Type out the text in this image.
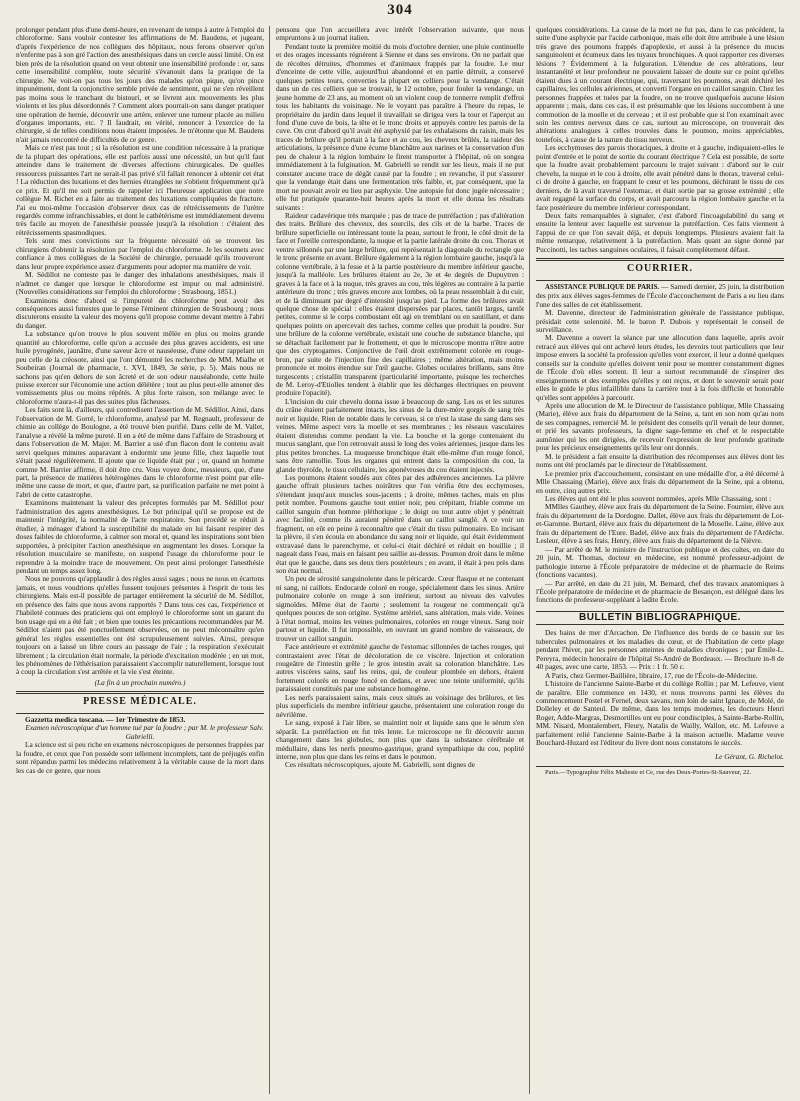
304

prolonger pendant plus d'une demi-heure, en revenant de temps à autre à l'emploi du chloroforme. Sans vouloir contester les affirmations de M. Baudens, et jugeant, d'après l'expérience de nos collègues des hôpitaux, nous ferons observer qu'on n'enferme pas à son gré l'action des anesthésiques dans un cercle aussi limité. On est bien près de la résolution quand on veut obtenir une insensibilité profonde : or, sans cette insensibilité complète, toute sécurité s'évanouit dans la pratique de la chirurgie. Ne voit-on pas tous les jours des malades qu'on pique, qu'on pince impunément, dont la conjonctive semble privée de sentiment, qui ne s'en réveillent pas moins sous le tranchant du bistouri, et se livrent aux mouvements les plus violents et les plus désordonnés ? Comment alors pourrait-on sans danger pratiquer une opération de hernie, découvrir une artère, enlever une tumeur placée au milieu d'organes importants, etc. ? Il faudrait, en vérité, renoncer à l'exercice de la chirurgie, si de telles conditions nous étaient imposées. Je m'étonne que M. Baudens n'ait jamais rencontré de difficultés de ce genre.

Mais ce n'est pas tout ; si la résolution est une condition nécessaire à la pratique de la plupart des opérations, elle est parfois aussi une nécessité, un but qu'il faut atteindre dans le traitement de diverses affections chirurgicales. De quelles ressources puissantes l'art ne serait-il pas privé s'il fallait renoncer à obtenir cet état ! La réduction des luxations et des hernies étranglées ne s'obtient fréquemment qu'à ce prix. Et qu'il me soit permis de rappeler ici l'heureuse application que notre collègue M. Richet en a faite au traitement des luxations compliquées de fracture. J'ai eu moi-même l'occasion d'observer deux cas de rétrécissements de l'urètre regardés comme infranchissables, et dont le cathétérisme est immédiatement devenu très facile au moyen de l'anesthésie poussée jusqu'à la résolution : c'étaient des rétrécissements spasmodiques.

Tels sont mes convictions sur la fréquente nécessité où se trouvent les chirurgiens d'obtenir la résolution par l'emploi du chloroforme. Je les soumets avec confiance à mes collègues de la Société de chirurgie, persuadé qu'ils trouveront dans leur propre expérience assez d'arguments pour adopter ma manière de voir.

M. Sédillot ne conteste pas le danger des inhalations anesthésiques, mais il n'admet ce danger que lorsque le chloroforme est impur ou mal administré. (Nouvelles considérations sur l'emploi du chloroforme ; Strasbourg, 1851.)

Examinons donc d'abord si l'impureté du chloroforme peut avoir des conséquences aussi funestes que le pense l'éminent chirurgien de Strasbourg ; nous discuterons ensuite la valeur des moyens qu'il propose comme devant mettre à l'abri du danger.

La substance qu'on trouve le plus souvent mêlée en plus ou moins grande quantité au chloroforme, celle qu'on a accusée des plus graves accidents, est une huile pyrogénée, jaunâtre, d'une saveur âcre et nauséeuse, d'une odeur rappelant un peu celle de la créosote, ainsi que l'ont démontré les recherches de MM. Mialhe et Soubeiran (Journal de pharmacie, t. XVI, 1849, 3e série, p. 5). Mais nous ne sachons pas qu'en dehors de son âcreté et de son odeur nauséabonde, cette huile puisse exercer sur l'économie une action délétère ; tout au plus peut-elle amener des vomissements plus ou moins répétés. A plus forte raison, son mélange avec le chloroforme n'aura-t-il pas des suites plus fâcheuses.

Les faits sont là, d'ailleurs, qui contredisent l'assertion de M. Sédillot. Ainsi, dans l'observation de M. Gorré, le chloroforme, analysé par M. Regnault, professeur de chimie au collège de Boulogne, a été trouvé bien purifié. Dans celle de M. Vallet, l'analyse a révélé la même pureté. Il en a été de même dans l'affaire de Strasbourg et dans l'observation de M. Majer. M. Barrier a usé d'un flacon dont le contenu avait servi quelques minutes auparavant à endormir une jeune fille, chez laquelle tout s'était passé régulièrement. Il ajoute que ce liquide était pur ; or, quand un homme comme M. Barrier affirme, il doit être cru. Vous voyez donc, messieurs, que, d'une part, la présence de matières hétérogènes dans le chloroforme n'est point par elle-même une cause de mort, et que, d'autre part, sa purification parfaite ne met point à l'abri de cette catastrophe.

Examinons maintenant la valeur des préceptes formulés par M. Sédillot pour l'administration des agens anesthésiques. Le but principal qu'il se propose est de maintenir l'intégrité, la normalité de l'acte respiratoire. Son procédé se réduit à étudier, à ménager d'abord la susceptibilité du malade en lui faisant respirer des doses faibles de chloroforme, à calmer son moral et, quand les inspirations sont bien supportées, à précipiter l'action anesthésique en augmentant les doses. Lorsque la résolution musculaire se manifeste, on suspend l'usage du chloroforme pour le reprendre à la moindre trace de mouvement. On peut ainsi prolonger l'anesthésie pendant un temps assez long.

Nous ne pouvons qu'applaudir à des règles aussi sages ; nous ne nous en écartons jamais, et nous voudrions qu'elles fussent toujours présentes à l'esprit de tous les chirurgiens. Mais est-il possible de partager entièrement la sécurité de M. Sédillot, en présence des faits que nous avons rapportés ? Dans tous ces cas, l'expérience et l'habileté connues des praticiens qui ont employé le chloroforme sont un garant du bon usage qui en a été fait ; et bien que toutes les précautions recommandées par M. Sédillot n'aient pas été ponctuellement observées, on ne peut méconnaître qu'en général les règles essentielles ont été scrupuleusement suivies. Ainsi, presque toujours on a laissé un libre cours au passage de l'air ; la respiration s'exécutait librement ; la circulation était normale, la période d'excitation modérée ; en un mot, les phénomènes de l'éthérisation paraissaient s'accomplir naturellement, lorsque tout à coup la circulation s'est arrêtée et la vie s'est éteinte.

(La fin à un prochain numéro.)
PRESSE MÉDICALE.

Gazzetta medica toscana. — 1er Trimestre de 1853.

Examen nécroscopique d'un homme tué par la foudre ; par M. le professeur Salv. Gabrielli.

La science est si peu riche en examens nécroscopiques de personnes frappées par la foudre, et ceux que l'on possède sont tellement incomplets, tant de préjugés enfin sont répandus parmi les médecins relativement à la véritable cause de la mort dans les cas de ce genre, que nous

pensons que l'on accueillera avec intérêt l'observation suivante, que nous empruntons à un journal italien.

Pendant toute la première moitié du mois d'octobre dernier, une pluie continuelle et des orages incessants régnèrent à Sienne et dans ses environs. On ne parlait que de récoltes détruites, d'hommes et d'animaux frappés par la foudre. Le mur d'enceinte de cette ville, aujourd'hui abandonné et en partie détruit, a conservé quelques petites tours, converties la plupart en celliers pour la vendange. C'était dans un de ces celliers que se trouvait, le 12 octobre, pour fouler la vendange, un jeune homme de 23 ans, au moment où un violent coup de tonnerre remplit d'effroi tous les habitants du voisinage. Ne le voyant pas paraître à l'heure du repas, le propriétaire du jardin dans lequel il travaillait se dirigea vers la tour et l'aperçut au fond d'une cuve de bois, la tête et le tronc droits et appuyés contre les parois de la cuve. On crut d'abord qu'il avait été asphyxié par les exhalaisons du raisin, mais les traces de brûlure qu'il portait à la face et au cou, les cheveux brûlés, la raideur des articulations, la présence d'une écume blanchâtre aux narines et la conservation d'un peu de chaleur à la région lombaire le firent transporter à l'hôpital, où on songea immédiatement à la fulgination. M. Gabrielli se rendit sur les lieux, mais il ne put constater aucune trace de dégât causé par la foudre ; en revanche, il put s'assurer que la vendange était dans une fermentation très faible, et, par conséquent, que la mort ne pouvait avoir eu lieu par asphyxie. Une autopsie fut donc jugée nécessaire ; elle fut pratiquée quarante-huit heures après la mort et elle donna les résultats suivants :

Raideur cadavérique très marquée ; pas de trace de putréfaction ; pas d'altération des traits. Brûlure des cheveux, des sourcils, des cils et de la barbe. Traces de brûlure superficielle ou intéressant toute la peau, surtout le front, le côté droit de la face et l'oreille correspondante, la nuque et la partie latérale droite du cou. Thorax et ventre sillonnés par une large brûlure, qui représentait la diagonale du rectangle que le tronc présente en avant. Brûlure également à la région lombaire gauche, jusqu'à la colonne vertébrale, à la fesse et à la partie postérieure du membre inférieur gauche, jusqu'à la malléole. Les brûlures étaient au 2e, 3e et 4e degrés de Dupuytren : graves à la face et à la nuque, très graves au cou, très légères au contraire à la partie antérieure du tronc ; très graves encore aux lombes, où la peau ressemblait à du cuir, et de là diminuant par degré d'intensité jusqu'au pied. La forme des brûlures avait quelque chose de spécial : elles étaient dispersées par places, tantôt larges, tantôt petites, comme si le corps combustant eût agi en tremblant ou en sautillant, et dans quelques points on apercevait des taches, comme celles que produit la poudre. Sur une brûlure de la colonne vertébrale, existait une couche de substance blanche, qui se détachait facilement par le frottement, et que le microscope montra n'être autre que des cryptogames. Conjonctive de l'œil droit extrêmement colorée en rouge-brun, par suite de l'injection fine des capillaires ; même altération, mais moins prononcée et moins étendue sur l'œil gauche. Globes oculaires brillants, sans être turgescents ; cristallin transparent (particularité importante, puisque les recherches de M. Leroy-d'Etiolles tendent à établir que les décharges électriques en peuvent produire l'opacité).

L'incision du cuir chevelu donna issue à beaucoup de sang. Les os et les sutures du crâne étaient parfaitement intacts, les sinus de la dure-mère gorgés de sang très noir et liquide. Rien de notable dans le cerveau, si ce n'est la stase du sang dans ses veines. Même aspect vers la moelle et ses membranes ; les réseaux vasculaires étaient distendus comme pendant la vie. La bouche et la gorge contenaient du mucus sanglant, que l'on retrouvait aussi le long des voies aériennes, jusque dans les plus petites bronches. La muqueuse bronchique était elle-même d'un rouge foncé, sans être ramollie. Tous les organes qui entrent dans la composition du cou, la glande thyroïde, le tissu cellulaire, les aponévroses du cou étaient injectés.

Les poumons étaient soudés aux côtes par des adhérences anciennes. La plèvre gauche offrait plusieurs taches noirâtres que l'on vérifia être des ecchymoses, s'étendant jusqu'aux muscles sous-jacents ; à droite, mêmes taches, mais en plus petit nombre. Poumons gauche tout entier noir, peu crépitant, friable comme un caillot sanguin d'un homme pléthorique ; le doigt ou tout autre objet y pénétrait avec facilité, comme ils auraient pénétré dans un caillot sanglé. A ce voir un fragment, on eût en peine à reconnaître que c'était du tissu pulmonaire. En incisant la plèvre, il s'en écoula en abondance du sang noir et liquide, qui était évidemment extravasé dans le parenchyme, et celui-ci était déchiré et réduit en bouillie ; il nageait dans l'eau, mais en faisant peu saillie au-dessus. Poumon droit dans le même état que le gauche, dans ses deux tiers postérieurs ; en avant, il était à peu près dans son état normal.

Un peu de sérosité sanguinolente dans le péricarde. Cœur flasque et ne contenant ni sang, ni caillots. Endocarde coloré en rouge, spécialement dans les sinus. Artère pulmonaire colorée en rouge à son intérieur, surtout au niveau des valvules sigmoïdes. Même état de l'aorte ; seulement la rougeur ne commençait qu'à quelques pouces de son origine. Système artériel, sans altération, mais vide. Veines à l'état normal, moins les veines pulmonaires, colorées en rouge vineux. Sang noir partout et liquide. Il fut impossible, en ouvrant un grand nombre de vaisseaux, de trouver un caillot sanguin.

Face antérieure et extrémité gauche de l'estomac sillonnées de taches rouges, qui contrastaient avec l'état de décoloration de ce viscère. Injection et coloration rougeâtre de l'intestin grêle ; le gros intestin avait sa coloration blanchâtre. Les autres viscères sains, sauf les reins, qui, de couleur plombée en dehors, étaient fortement colorés en rouge foncé en dedans, et avec une teinte uniformité, qu'ils paraissaient constitués par une substance homogène.

Les nerfs paraissaient sains, mais ceux situés au voisinage des brûlures, et les plus superficiels du membre inférieur gauche, présentaient une coloration rouge du névrilème.

Le sang, exposé à l'air libre, se maintint noir et liquide sans que le sérum s'en séparât. La putréfaction en fut très lente. Le microscope ne fit découvrir aucun changement dans les globules, non plus que dans la substance cérébrale et médullaire, dans les nerfs pneumo-gastrique, grand sympathique du cou, poplité interne, non plus que dans les reins et dans le poumon.

Ces résultats nécroscopiques, ajoute M. Gabrielli, sont dignes de

quelques considérations. La cause de la mort ne fut pas, dans le cas précédent, la suite d'une asphyxie par l'acide carbonique, mais elle doit être attribuée à une lésion très grave des poumons frappés d'apoplexie, et aussi à la présence du mucus sanguinolent et écumeux dans les tuyaux bronchiques. A quoi rapporter ces diverses lésions ? Évidemment à la fulguration. L'étendue de ces altérations, leur instantanéité et leur profondeur ne pouvaient laisser de doute sur ce point qu'elles étaient dues à un courant électrique, qui, traversant les poumons, avait déchiré les capillaires, les cellules aériennes, et converti l'organe en un caillot sanguin. Chez les personnes frappées et tuées par la foudre, on ne trouve quelquefois aucune lésion apparente ; mais, dans ces cas, il est présumable que les lésions succombent à une commotion de la moelle et du cerveau ; et il est probable que si l'on examinait avec soin les centres nerveux dans ce cas, surtout au microscope, on trouverait des altérations analogues à celles trouvées dans le poumon, moins appréciables, toutefois, à cause de la nature du tissu nerveux.

Les ecchymoses des parois thoraciques, à droite et à gauche, indiquaient-elles le point d'entrée et le point de sortie du courant électrique ? Cela est possible, de sorte que la foudre avait probablement parcouru le trajet suivant : d'abord sur le cuir chevelu, la nuque et le cou à droite, elle avait pénétré dans le thorax, traversé celui-ci de droite à gauche, en frappant le cœur et les poumons, déchirant le tissu de ces derniers, de là avait traversé l'estomac, et était sortie par sa grosse extrémité ; elle avait regagné la surface du corps, et avait parcouru la région lombaire gauche et la face postérieure du membre inférieur correspondant.

Deux faits remarquables à signaler, c'est d'abord l'incoagulabilité du sang et ensuite la lenteur avec laquelle est survenue la putréfaction. Ces faits viennent à l'appui de ce que l'on savait déjà, et depuis longtemps. Plusieurs avaient fait la même remarque, relativement à la putréfaction. Mais quant au signe donné par Puccinotti, les taches sanguines oculaires, il faisait complètement défaut.

COURRIER.

ASSISTANCE PUBLIQUE DE PARIS. — Samedi dernier, 25 juin, la distribution des prix aux élèves sages-femmes de l'École d'accouchement de Paris a eu lieu dans l'une des salles de cet établissement.

M. Davenne, directeur de l'administration générale de l'assistance publique, présidait cette solennité. M. le baron P. Dubois y représentait le conseil de surveillance.

M. Davenne a ouvert la séance par une allocution dans laquelle, après avoir retracé aux élèves qui ont achevé leurs études, les devoirs tout particuliers que leur impose envers la société la profession qu'elles vont exercer, il leur a donné quelques conseils sur la conduite qu'elles doivent tenir pour se montrer constamment dignes de l'École d'où elles sortent. Il leur a surtout recommandé de s'inspirer des enseignements et des exemples qu'elles y ont reçus, et dont le souvenir serait pour elles le guide le plus infaillible dans la carrière tout à la fois difficile et honorable qu'elles sont appelées à parcourir.

Après une allocution de M. le Directeur de l'assistance publique, Mlle Chassaing (Marie), élève aux frais du département de la Seine, a, tant en son nom qu'au nom de ses compagnes, remercié M. le président des conseils qu'il venait de leur donner, et prié les savants professeurs, la digne sage-femme en chef et le respectable aumônier qui les ont dirigées, de recevoir l'expression de leur profonde gratitude pour les précieux enseignements qu'ils leur ont donnés.

M. le président a fait ensuite la distribution des récompenses aux élèves dont les noms ont été proclamés par le directeur de l'établissement.

Le premier prix d'accouchement, consistant en une médaille d'or, a été décerné à Mlle Chassaing (Marie), élève aux frais du département de la Seine, qui a obtenu, en outre, cinq autres prix.

Les élèves qui ont été le plus souvent nommées, après Mlle Chassaing, sont :

MMlles Gauthey, élève aux frais du département de la Seine. Fournier, élève aux frais du département de la Dordogne. Dallet, élève aux frais du département de Lot-et-Garonne. Burtard, élève aux frais du département de la Moselle. Laine, élève aux frais du département de l'Eure. Badel, élève aux frais du département de l'Ardèche. Lesleur, élève à ses frais. Henry, élève aux frais du département de la Nièvre.

— Par arrêté de M. le ministre de l'instruction publique et des cultes, en date du 20 juin, M. Thomas, docteur en médecine, est nommé professeur-adjoint de pathologie interne à l'École préparatoire de médecine et de pharmacie de Reims (fonctions vacantes).

— Par arrêté, en date du 21 juin, M. Bernard, chef des travaux anatomiques à l'École préparatoire de médecine et de pharmacie de Besançon, est délégué dans les fonctions de professeur-suppléant à ladite École.

BULLETIN BIBLIOGRAPHIQUE.

Des bains de mer d'Arcachon. De l'influence des bords de ce bassin sur les tubercules pulmonaires et les maladies du cœur, et de l'habitation de cette plage pendant l'hiver, par les personnes atteintes de maladies chroniques ; par Émile-L. Pereyra, médecin honoraire de l'hôpital St-André de Bordeaux. — Brochure in-8 de 40 pages, avec une carte, 1853. — Prix : 1 fr. 50 c.

A Paris, chez Germer-Baillière, libraire, 17, rue de l'École-de-Médecine.

L'histoire de l'ancienne Sainte-Barbe et du collège Rollin ; par M. Lefeuve, vient de paraître. Elle commence en 1430, et nous trouvons parmi les élèves du commencement Postel et Fernel, deux savans, non loin de saint Ignace, de Molé, de Dolleley et de Santeul. De même, dans les temps modernes, les docteurs Henri Roger, Adde-Margras, Desmortilles ont eu pour condisciples, à Sainte-Barbe-Rollin, MM. Nisard, Montalembert, Fleury, Natalis de Wailly, Wallon, etc. M. Lefeuve a parfaitement relié l'ancienne Sainte-Barbe à la maison actuelle. Madame veuve Bouchard-Huzard est l'éditeur du livre dont nous constatons le succès.

Le Gérant, G. Richelot.

Paris.—Typographie Félix Malteste et Ce, rue des Deux-Portes-St-Sauveur, 22.
